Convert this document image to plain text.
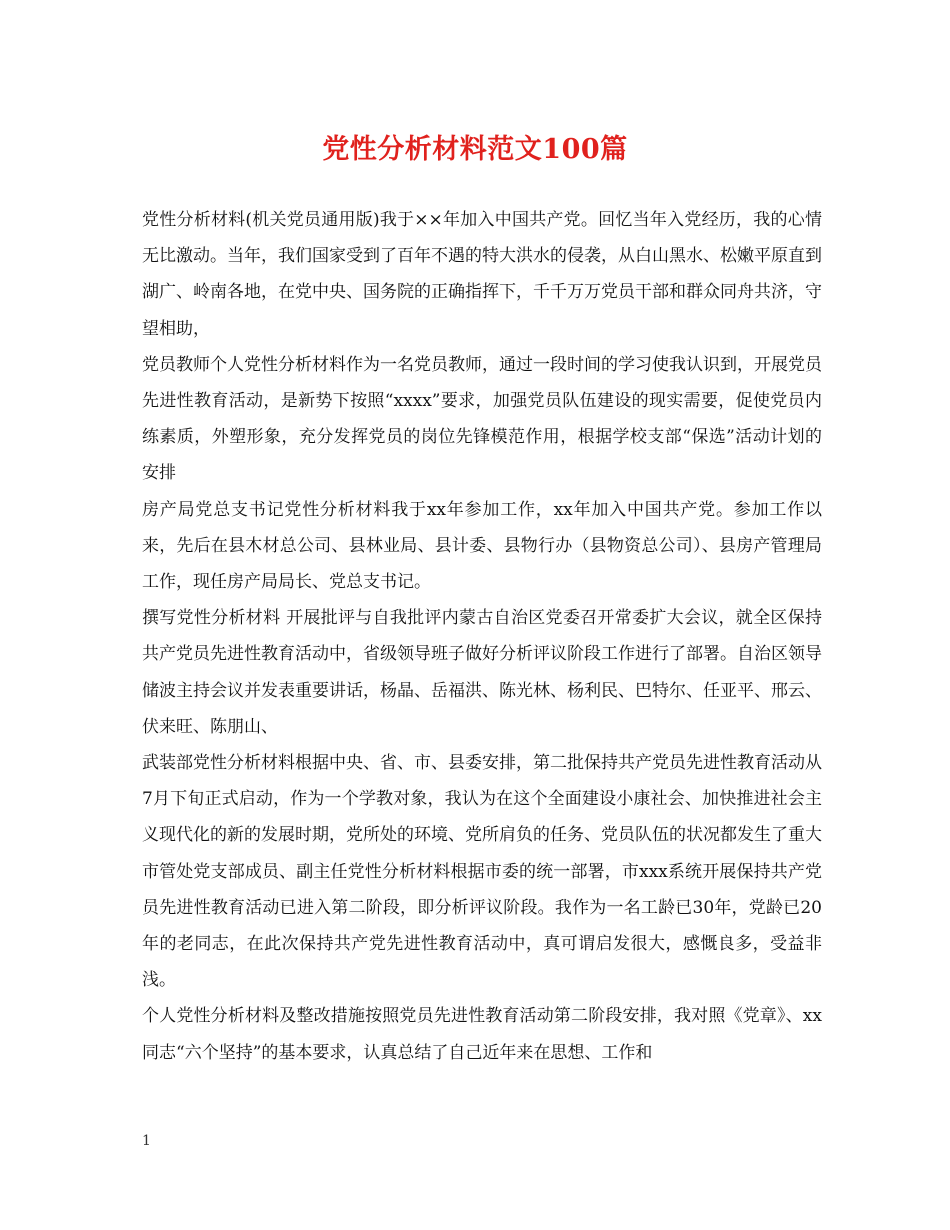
党性分析材料范文100篇

党性分析材料(机关党员通用版)我于××年加入中国共产党。回忆当年入党经历，我的心情无比激动。当年，我们国家受到了百年不遇的特大洪水的侵袭，从白山黑水、松嫩平原直到湖广、岭南各地，在党中央、国务院的正确指挥下，千千万万党员干部和群众同舟共济，守望相助，

党员教师个人党性分析材料作为一名党员教师，通过一段时间的学习使我认识到，开展党员先进性教育活动，是新势下按照“xxxx”要求，加强党员队伍建设的现实需要，促使党员内练素质，外塑形象，充分发挥党员的岗位先锋模范作用，根据学校支部“保选”活动计划的安排

房产局党总支书记党性分析材料我于xx年参加工作，xx年加入中国共产党。参加工作以来，先后在县木材总公司、县林业局、县计委、县物行办（县物资总公司）、县房产管理局工作，现任房产局局长、党总支书记。

撰写党性分析材料 开展批评与自我批评内蒙古自治区党委召开常委扩大会议，就全区保持共产党员先进性教育活动中，省级领导班子做好分析评议阶段工作进行了部署。自治区领导储波主持会议并发表重要讲话，杨晶、岳福洪、陈光林、杨利民、巴特尔、任亚平、邢云、伏来旺、陈朋山、

武装部党性分析材料根据中央、省、市、县委安排，第二批保持共产党员先进性教育活动从7月下旬正式启动，作为一个学教对象，我认为在这个全面建设小康社会、加快推进社会主义现代化的新的发展时期，党所处的环境、党所肩负的任务、党员队伍的状况都发生了重大

市管处党支部成员、副主任党性分析材料根据市委的统一部署，市xxx系统开展保持共产党员先进性教育活动已进入第二阶段，即分析评议阶段。我作为一名工龄已30年，党龄已20年的老同志，在此次保持共产党先进性教育活动中，真可谓启发很大，感慨良多，受益非浅。

个人党性分析材料及整改措施按照党员先进性教育活动第二阶段安排，我对照《党章》、xx同志“六个坚持”的基本要求，认真总结了自己近年来在思想、工作和

1
